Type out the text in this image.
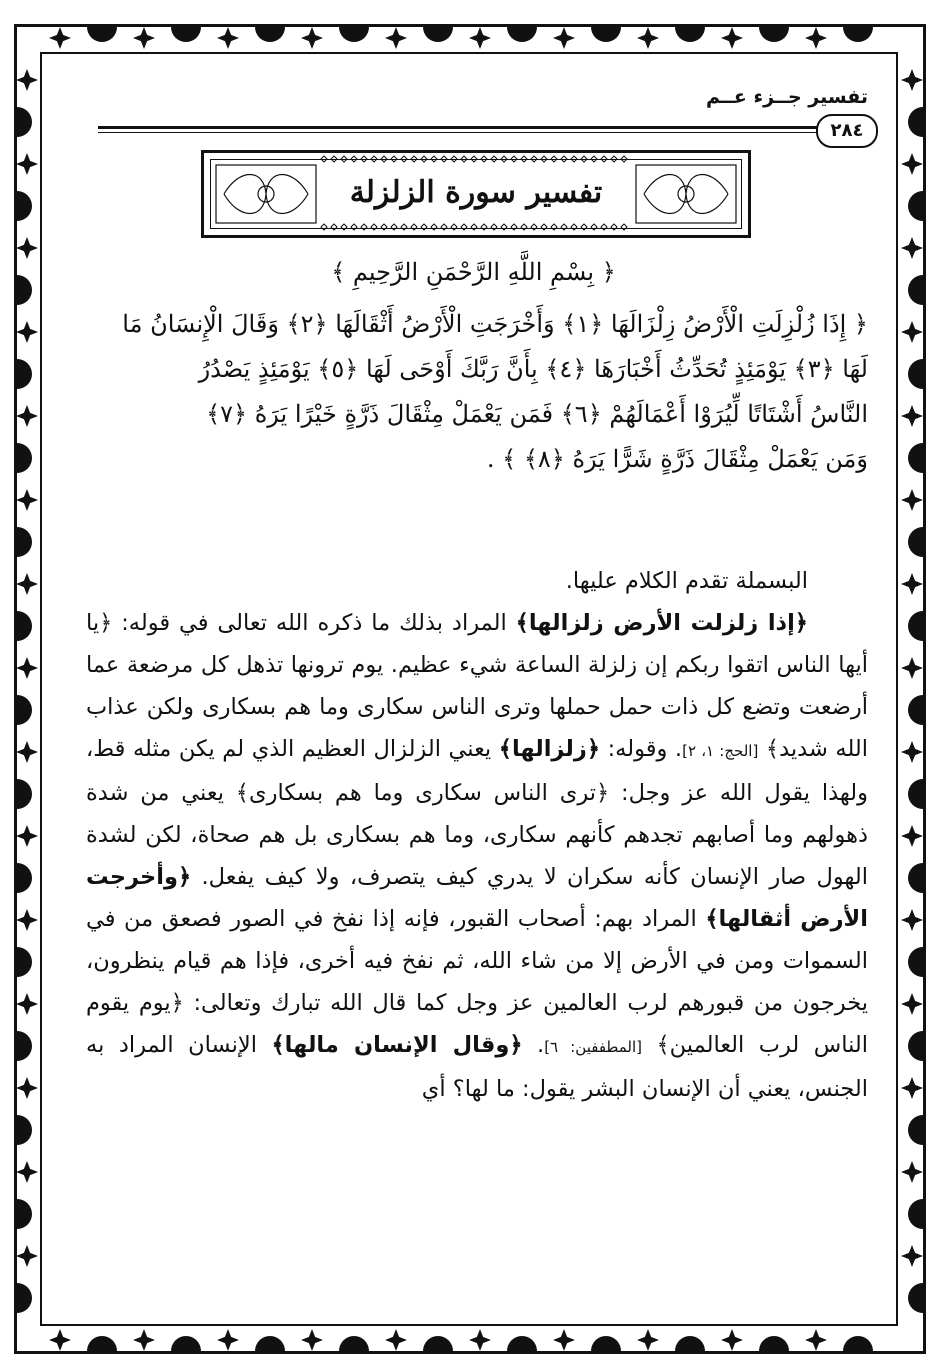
تفسير جــزء عــم
٢٨٤
تفسير سورة الزلزلة
﴿ بِسْمِ اللَّهِ الرَّحْمَنِ الرَّحِيمِ ﴾

﴿ إِذَا زُلْزِلَتِ الْأَرْضُ زِلْزَالَهَا ﴿١﴾ وَأَخْرَجَتِ الْأَرْضُ أَثْقَالَهَا ﴿٢﴾ وَقَالَ الْإِنسَانُ مَا

لَهَا ﴿٣﴾ يَوْمَئِذٍ تُحَدِّثُ أَخْبَارَهَا ﴿٤﴾ بِأَنَّ رَبَّكَ أَوْحَى لَهَا ﴿٥﴾ يَوْمَئِذٍ يَصْدُرُ

النَّاسُ أَشْتَاتًا لِّيُرَوْا أَعْمَالَهُمْ ﴿٦﴾ فَمَن يَعْمَلْ مِثْقَالَ ذَرَّةٍ خَيْرًا يَرَهُ ﴿٧﴾

وَمَن يَعْمَلْ مِثْقَالَ ذَرَّةٍ شَرًّا يَرَهُ ﴿٨﴾ ﴾ .

البسملة تقدم الكلام عليها.

﴿إذا زلزلت الأرض زلزالها﴾ المراد بذلك ما ذكره الله تعالى في قوله: ﴿يا أيها الناس اتقوا ربكم إن زلزلة الساعة شيء عظيم. يوم ترونها تذهل كل مرضعة عما أرضعت وتضع كل ذات حمل حملها وترى الناس سكارى وما هم بسكارى ولكن عذاب الله شديد﴾ [الحج: ١، ٢]. وقوله: ﴿زلزالها﴾ يعني الزلزال العظيم الذي لم يكن مثله قط، ولهذا يقول الله عز وجل: ﴿ترى الناس سكارى وما هم بسكارى﴾ يعني من شدة ذهولهم وما أصابهم تجدهم كأنهم سكارى، وما هم بسكارى بل هم صحاة، لكن لشدة الهول صار الإنسان كأنه سكران لا يدري كيف يتصرف، ولا كيف يفعل. ﴿وأخرجت الأرض أثقالها﴾ المراد بهم: أصحاب القبور، فإنه إذا نفخ في الصور فصعق من في السموات ومن في الأرض إلا من شاء الله، ثم نفخ فيه أخرى، فإذا هم قيام ينظرون، يخرجون من قبورهم لرب العالمين عز وجل كما قال الله تبارك وتعالى: ﴿يوم يقوم الناس لرب العالمين﴾ [المطففين: ٦]. ﴿وقال الإنسان مالها﴾ الإنسان المراد به الجنس، يعني أن الإنسان البشر يقول: ما لها؟ أي
